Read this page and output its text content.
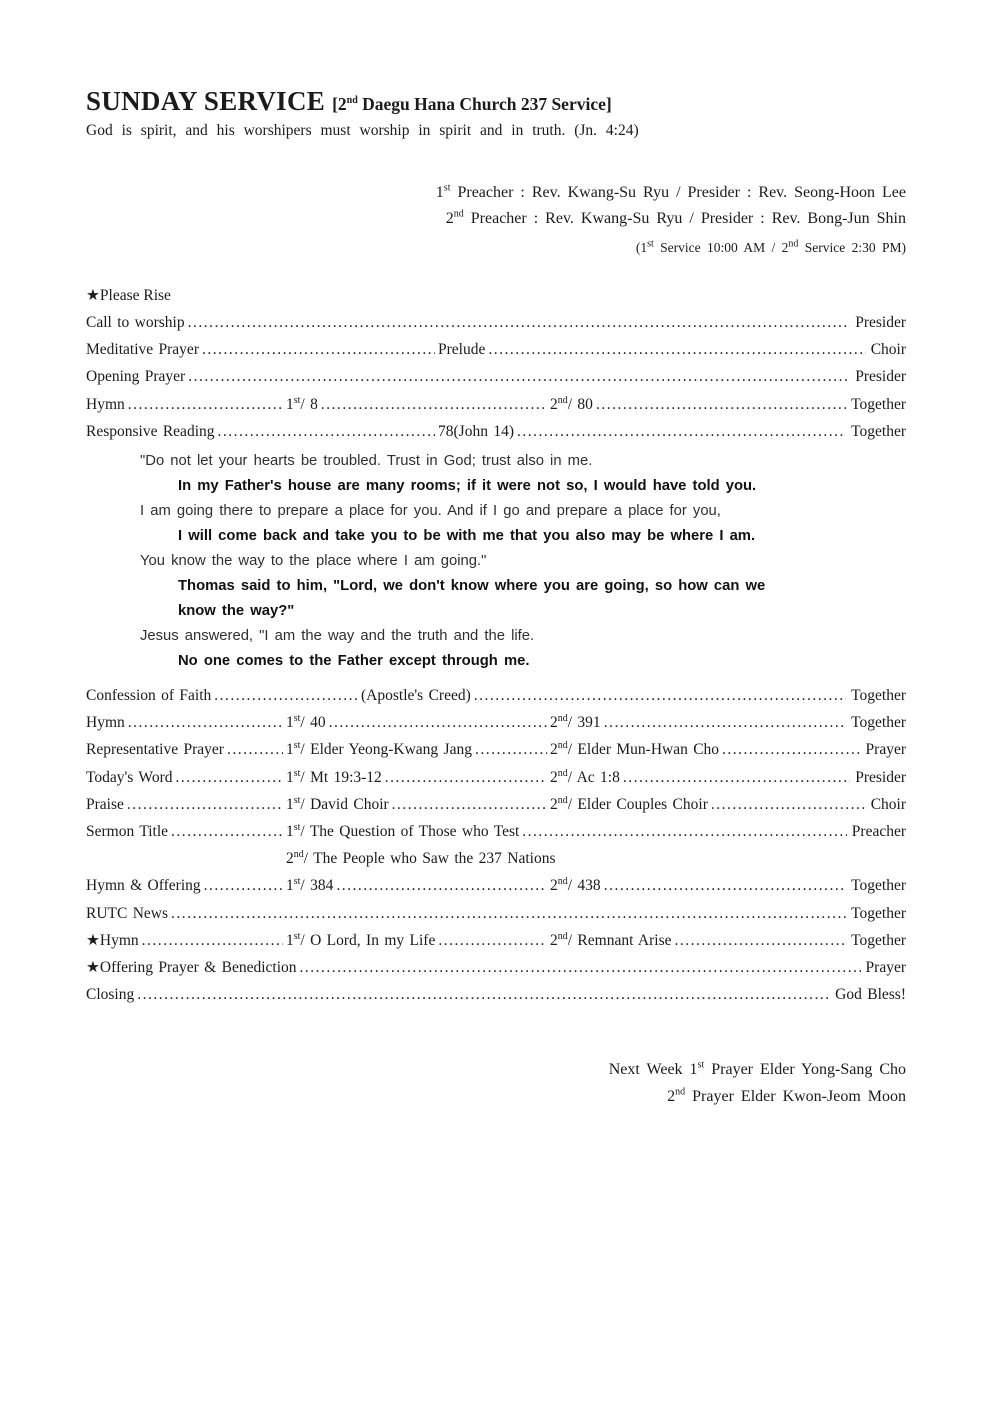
SUNDAY SERVICE [2nd Daegu Hana Church 237 Service]
God is spirit, and his worshipers must worship in spirit and in truth. (Jn. 4:24)
1st Preacher : Rev. Kwang-Su Ryu / Presider : Rev. Seong-Hoon Lee
2nd Preacher : Rev. Kwang-Su Ryu / Presider : Rev. Bong-Jun Shin
(1st Service 10:00 AM / 2nd Service 2:30 PM)
★Please Rise
Call to worship .....	Presider
Meditative Prayer .....	Prelude .....	Choir
Opening Prayer .....	Presider
Hymn .....	1st/ 8 .....	2nd/ 80 .....	Together
Responsive Reading .....	78(John 14) .....	Together
"Do not let your hearts be troubled. Trust in God; trust also in me.
In my Father's house are many rooms; if it were not so, I would have told you.
I am going there to prepare a place for you. And if I go and prepare a place for you,
I will come back and take you to be with me that you also may be where I am.
You know the way to the place where I am going."
Thomas said to him, "Lord, we don't know where you are going, so how can we
know the way?"
Jesus answered, "I am the way and the truth and the life.
No one comes to the Father except through me.
Confession of Faith .....	(Apostle's Creed) .....	Together
Hymn .....	1st/ 40 .....	2nd/ 391 .....	Together
Representative Prayer .....	1st/ Elder Yeong-Kwang Jang .....	2nd/ Elder Mun-Hwan Cho .....	Prayer
Today's Word .....	1st/ Mt 19:3-12 .....	2nd/ Ac 1:8 .....	Presider
Praise .....	1st/ David Choir .....	2nd/ Elder Couples Choir .....	Choir
Sermon Title .....	1st/ The Question of Those who Test .....	Preacher
2nd/ The People who Saw the 237 Nations
Hymn & Offering .....	1st/ 384 .....	2nd/ 438 .....	Together
RUTC News .....	Together
★Hymn .....	1st/ O Lord, In my Life .....	2nd/ Remnant Arise .....	Together
★Offering Prayer & Benediction .....	Prayer
Closing .....	God Bless!
Next Week 1st Prayer Elder Yong-Sang Cho
2nd Prayer Elder Kwon-Jeom Moon
